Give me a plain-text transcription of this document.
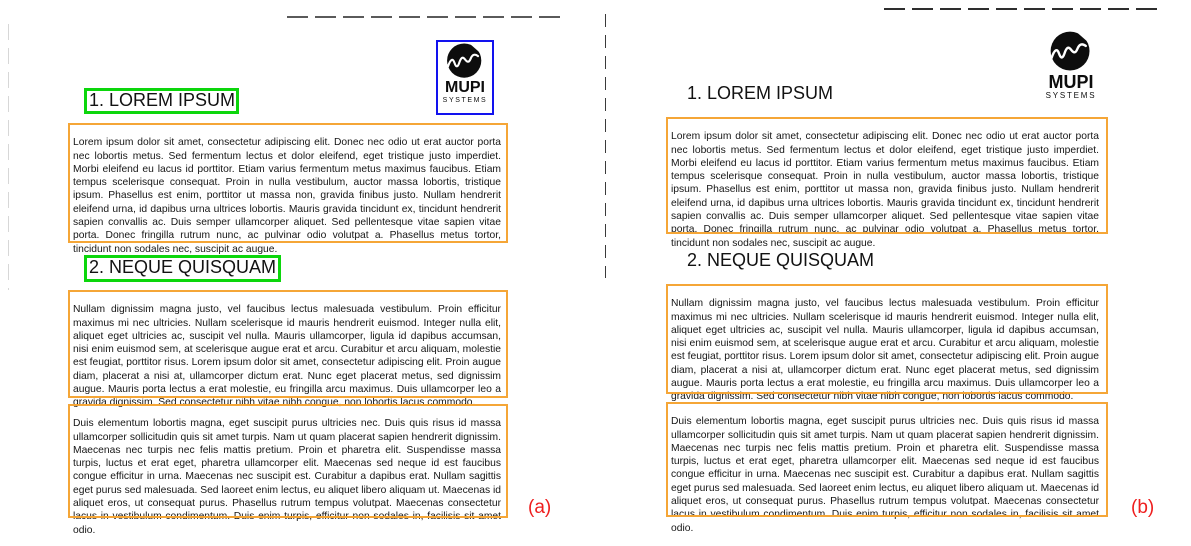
MUPI
SYSTEMS
1. LOREM IPSUM

Lorem ipsum dolor sit amet, consectetur adipiscing elit. Donec nec odio ut erat auctor porta nec lobortis metus. Sed fermentum lectus et dolor eleifend, eget tristique justo imperdiet. Morbi eleifend eu lacus id porttitor. Etiam varius fermentum metus maximus faucibus. Etiam tempus scelerisque consequat. Proin in nulla vestibulum, auctor massa lobortis, tristique ipsum. Phasellus est enim, porttitor ut massa non, gravida finibus justo. Nullam hendrerit eleifend urna, id dapibus urna ultrices lobortis. Mauris gravida tincidunt ex, tincidunt hendrerit sapien convallis ac. Duis semper ullamcorper aliquet. Sed pellentesque vitae sapien vitae porta. Donec fringilla rutrum nunc, ac pulvinar odio volutpat a. Phasellus metus tortor, tincidunt non sodales nec, suscipit ac augue.

2. NEQUE QUISQUAM

Nullam dignissim magna justo, vel faucibus lectus malesuada vestibulum. Proin efficitur maximus mi nec ultricies. Nullam scelerisque id mauris hendrerit euismod. Integer nulla elit, aliquet eget ultricies ac, suscipit vel nulla. Mauris ullamcorper, ligula id dapibus accumsan, nisi enim euismod sem, at scelerisque augue erat et arcu. Curabitur et arcu aliquam, molestie est feugiat, porttitor risus. Lorem ipsum dolor sit amet, consectetur adipiscing elit. Proin augue diam, placerat a nisi at, ullamcorper dictum erat. Nunc eget placerat metus, sed dignissim augue. Mauris porta lectus a erat molestie, eu fringilla arcu maximus. Duis ullamcorper leo a gravida dignissim. Sed consectetur nibh vitae nibh congue, non lobortis lacus commodo.

Duis elementum lobortis magna, eget suscipit purus ultricies nec. Duis quis risus id massa ullamcorper sollicitudin quis sit amet turpis. Nam ut quam placerat sapien hendrerit dignissim. Maecenas nec turpis nec felis mattis pretium. Proin et pharetra elit. Suspendisse massa turpis, luctus et erat eget, pharetra ullamcorper elit. Maecenas sed neque id est faucibus congue efficitur in urna. Maecenas nec suscipit est. Curabitur a dapibus erat. Nullam sagittis eget purus sed malesuada. Sed laoreet enim lectus, eu aliquet libero aliquam ut. Maecenas id aliquet eros, ut consequat purus. Phasellus rutrum tempus volutpat. Maecenas consectetur lacus in vestibulum condimentum. Duis enim turpis, efficitur non sodales in, facilisis sit amet odio.

(a)
MUPI
SYSTEMS
1. LOREM IPSUM

Lorem ipsum dolor sit amet, consectetur adipiscing elit. Donec nec odio ut erat auctor porta nec lobortis metus. Sed fermentum lectus et dolor eleifend, eget tristique justo imperdiet. Morbi eleifend eu lacus id porttitor. Etiam varius fermentum metus maximus faucibus. Etiam tempus scelerisque consequat. Proin in nulla vestibulum, auctor massa lobortis, tristique ipsum. Phasellus est enim, porttitor ut massa non, gravida finibus justo. Nullam hendrerit eleifend urna, id dapibus urna ultrices lobortis. Mauris gravida tincidunt ex, tincidunt hendrerit sapien convallis ac. Duis semper ullamcorper aliquet. Sed pellentesque vitae sapien vitae porta. Donec fringilla rutrum nunc, ac pulvinar odio volutpat a. Phasellus metus tortor, tincidunt non sodales nec, suscipit ac augue.

2. NEQUE QUISQUAM

Nullam dignissim magna justo, vel faucibus lectus malesuada vestibulum. Proin efficitur maximus mi nec ultricies. Nullam scelerisque id mauris hendrerit euismod. Integer nulla elit, aliquet eget ultricies ac, suscipit vel nulla. Mauris ullamcorper, ligula id dapibus accumsan, nisi enim euismod sem, at scelerisque augue erat et arcu. Curabitur et arcu aliquam, molestie est feugiat, porttitor risus. Lorem ipsum dolor sit amet, consectetur adipiscing elit. Proin augue diam, placerat a nisi at, ullamcorper dictum erat. Nunc eget placerat metus, sed dignissim augue. Mauris porta lectus a erat molestie, eu fringilla arcu maximus. Duis ullamcorper leo a gravida dignissim. Sed consectetur nibh vitae nibh congue, non lobortis lacus commodo.

Duis elementum lobortis magna, eget suscipit purus ultricies nec. Duis quis risus id massa ullamcorper sollicitudin quis sit amet turpis. Nam ut quam placerat sapien hendrerit dignissim. Maecenas nec turpis nec felis mattis pretium. Proin et pharetra elit. Suspendisse massa turpis, luctus et erat eget, pharetra ullamcorper elit. Maecenas sed neque id est faucibus congue efficitur in urna. Maecenas nec suscipit est. Curabitur a dapibus erat. Nullam sagittis eget purus sed malesuada. Sed laoreet enim lectus, eu aliquet libero aliquam ut. Maecenas id aliquet eros, ut consequat purus. Phasellus rutrum tempus volutpat. Maecenas consectetur lacus in vestibulum condimentum. Duis enim turpis, efficitur non sodales in, facilisis sit amet odio.

(b)
